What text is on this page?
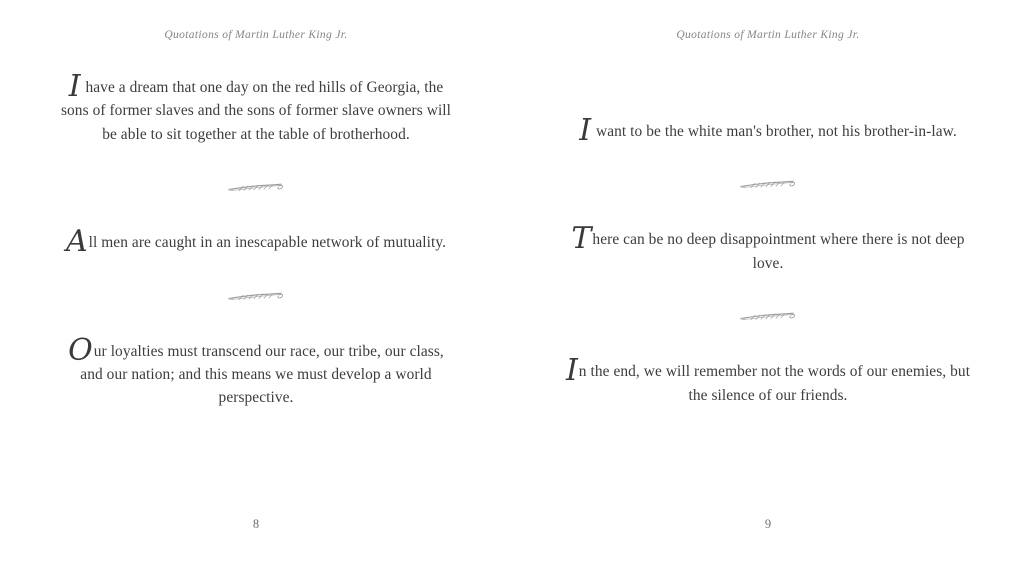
Quotations of Martin Luther King Jr.
I have a dream that one day on the red hills of Georgia, the sons of former slaves and the sons of former slave owners will be able to sit together at the table of brotherhood.
All men are caught in an inescapable network of mutuality.
Our loyalties must transcend our race, our tribe, our class, and our nation; and this means we must develop a world perspective.
8
Quotations of Martin Luther King Jr.
I want to be the white man's brother, not his brother-in-law.
There can be no deep disappointment where there is not deep love.
In the end, we will remember not the words of our enemies, but the silence of our friends.
9
